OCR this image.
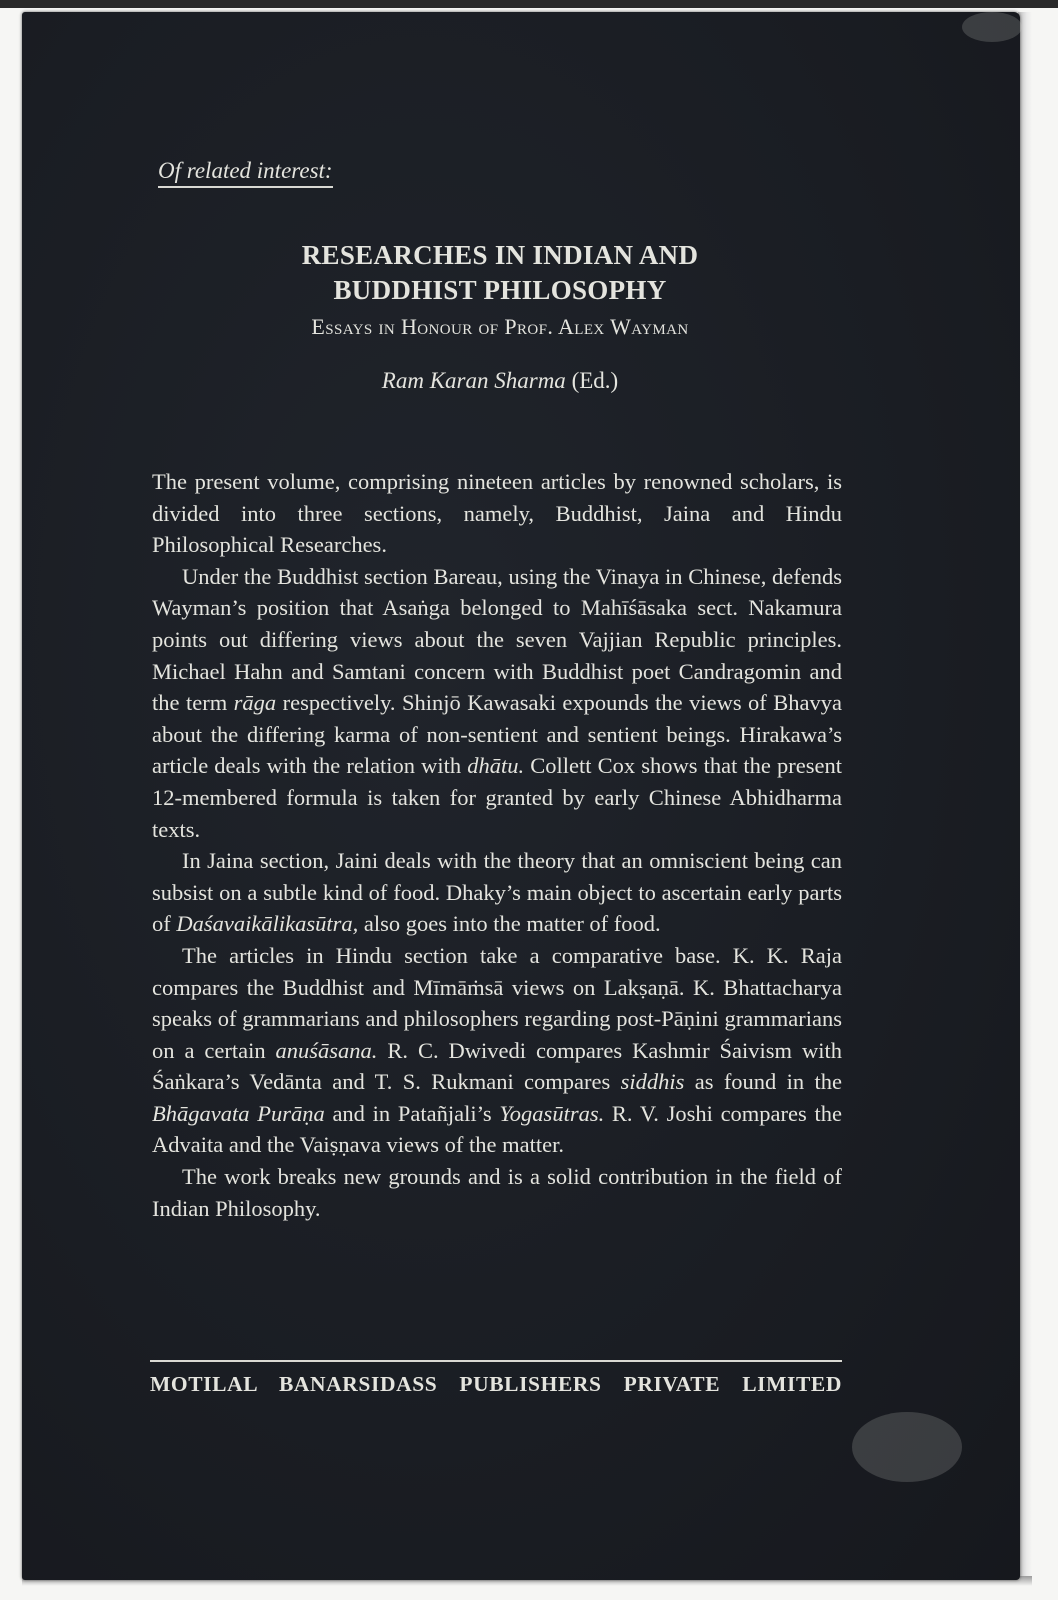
Of related interest:
RESEARCHES IN INDIAN AND
BUDDHIST PHILOSOPHY
Essays in Honour of Prof. Alex Wayman
Ram Karan Sharma (Ed.)

The present volume, comprising nineteen articles by renowned scholars, is divided into three sections, namely, Buddhist, Jaina and Hindu Philosophical Researches.

Under the Buddhist section Bareau, using the Vinaya in Chinese, defends Wayman’s position that Asaṅga belonged to Mahīśāsaka sect. Nakamura points out differing views about the seven Vajjian Republic principles. Michael Hahn and Samtani concern with Buddhist poet Candragomin and the term rāga respectively. Shinjō Kawasaki expounds the views of Bhavya about the differing karma of non-sentient and sentient beings. Hirakawa’s article deals with the relation with dhātu. Collett Cox shows that the present 12-membered formula is taken for granted by early Chinese Abhidharma texts.

In Jaina section, Jaini deals with the theory that an omniscient being can subsist on a subtle kind of food. Dhaky’s main object to ascertain early parts of Daśavaikālikasūtra, also goes into the matter of food.

The articles in Hindu section take a comparative base. K. K. Raja compares the Buddhist and Mīmāṁsā views on Lakṣaṇā. K. Bhattacharya speaks of grammarians and philosophers regarding post-Pāṇini grammarians on a certain anuśāsana. R. C. Dwivedi compares Kashmir Śaivism with Śaṅkara’s Vedānta and T. S. Rukmani compares siddhis as found in the Bhāgavata Purāṇa and in Patañjali’s Yogasūtras. R. V. Joshi compares the Advaita and the Vaiṣṇava views of the matter.

The work breaks new grounds and is a solid contribution in the field of Indian Philosophy.

MOTILAL BANARSIDASS PUBLISHERS PRIVATE LIMITED
